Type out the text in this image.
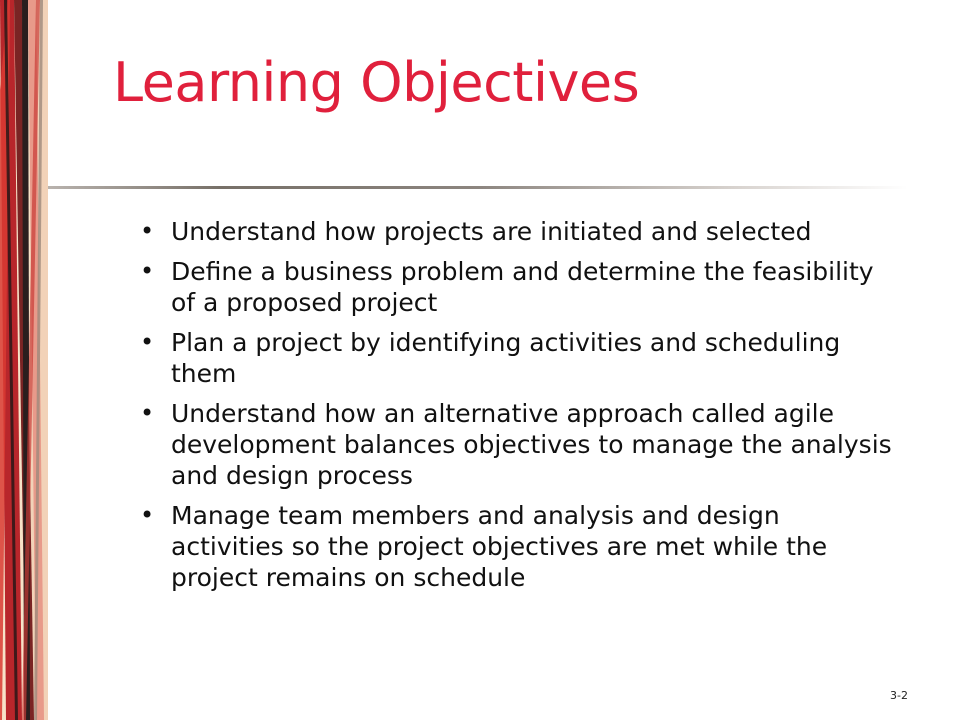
Learning Objectives
• Understand how projects are initiated and selected
• Define a business problem and determine the feasibility of a proposed project
• Plan a project by identifying activities and scheduling them
• Understand how an alternative approach called agile development balances objectives to manage the analysis and design process
• Manage team members and analysis and design activities so the project objectives are met while the project remains on schedule
3-2
